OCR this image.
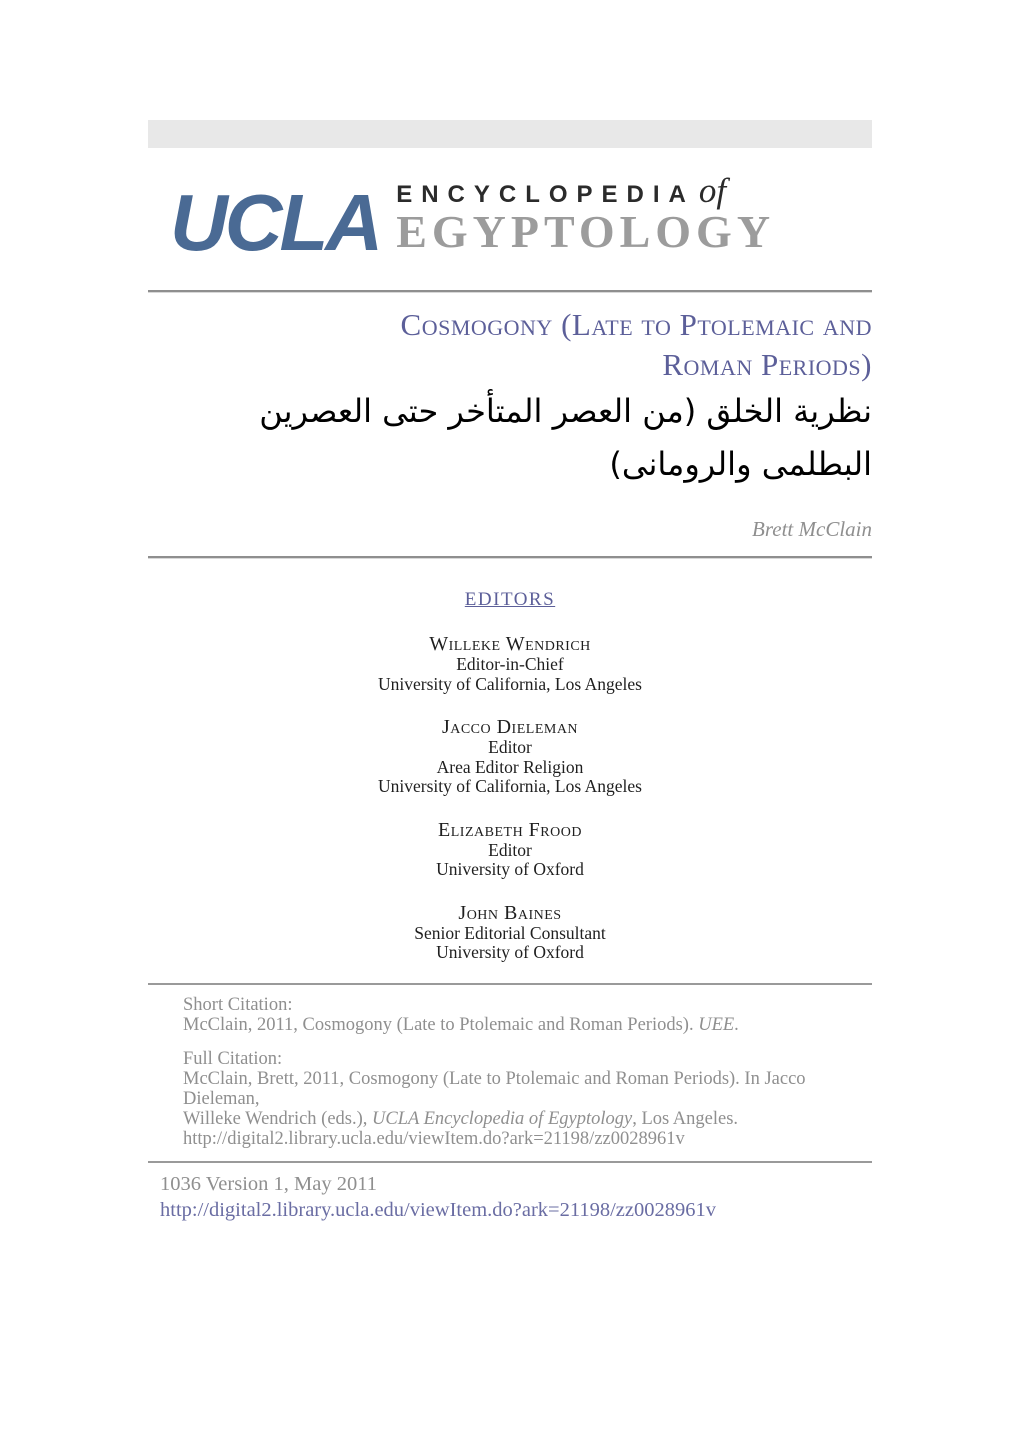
UCLA ENCYCLOPEDIA of
EGYPTOLOGY
Cosmogony (Late to Ptolemaic and
Roman Periods)
نظرية الخلق (من العصر المتأخر حتى العصرين
البطلمى والرومانى)
Brett McClain
EDITORS
Willeke Wendrich
Editor-in-Chief
University of California, Los Angeles
Jacco Dieleman
Editor
Area Editor Religion
University of California, Los Angeles
Elizabeth Frood
Editor
University of Oxford
John Baines
Senior Editorial Consultant
University of Oxford
Short Citation:
McClain, 2011, Cosmogony (Late to Ptolemaic and Roman Periods). UEE.
Full Citation:
McClain, Brett, 2011, Cosmogony (Late to Ptolemaic and Roman Periods). In Jacco Dieleman,
Willeke Wendrich (eds.), UCLA Encyclopedia of Egyptology, Los Angeles.
http://digital2.library.ucla.edu/viewItem.do?ark=21198/zz0028961v
1036 Version 1, May 2011
http://digital2.library.ucla.edu/viewItem.do?ark=21198/zz0028961v
